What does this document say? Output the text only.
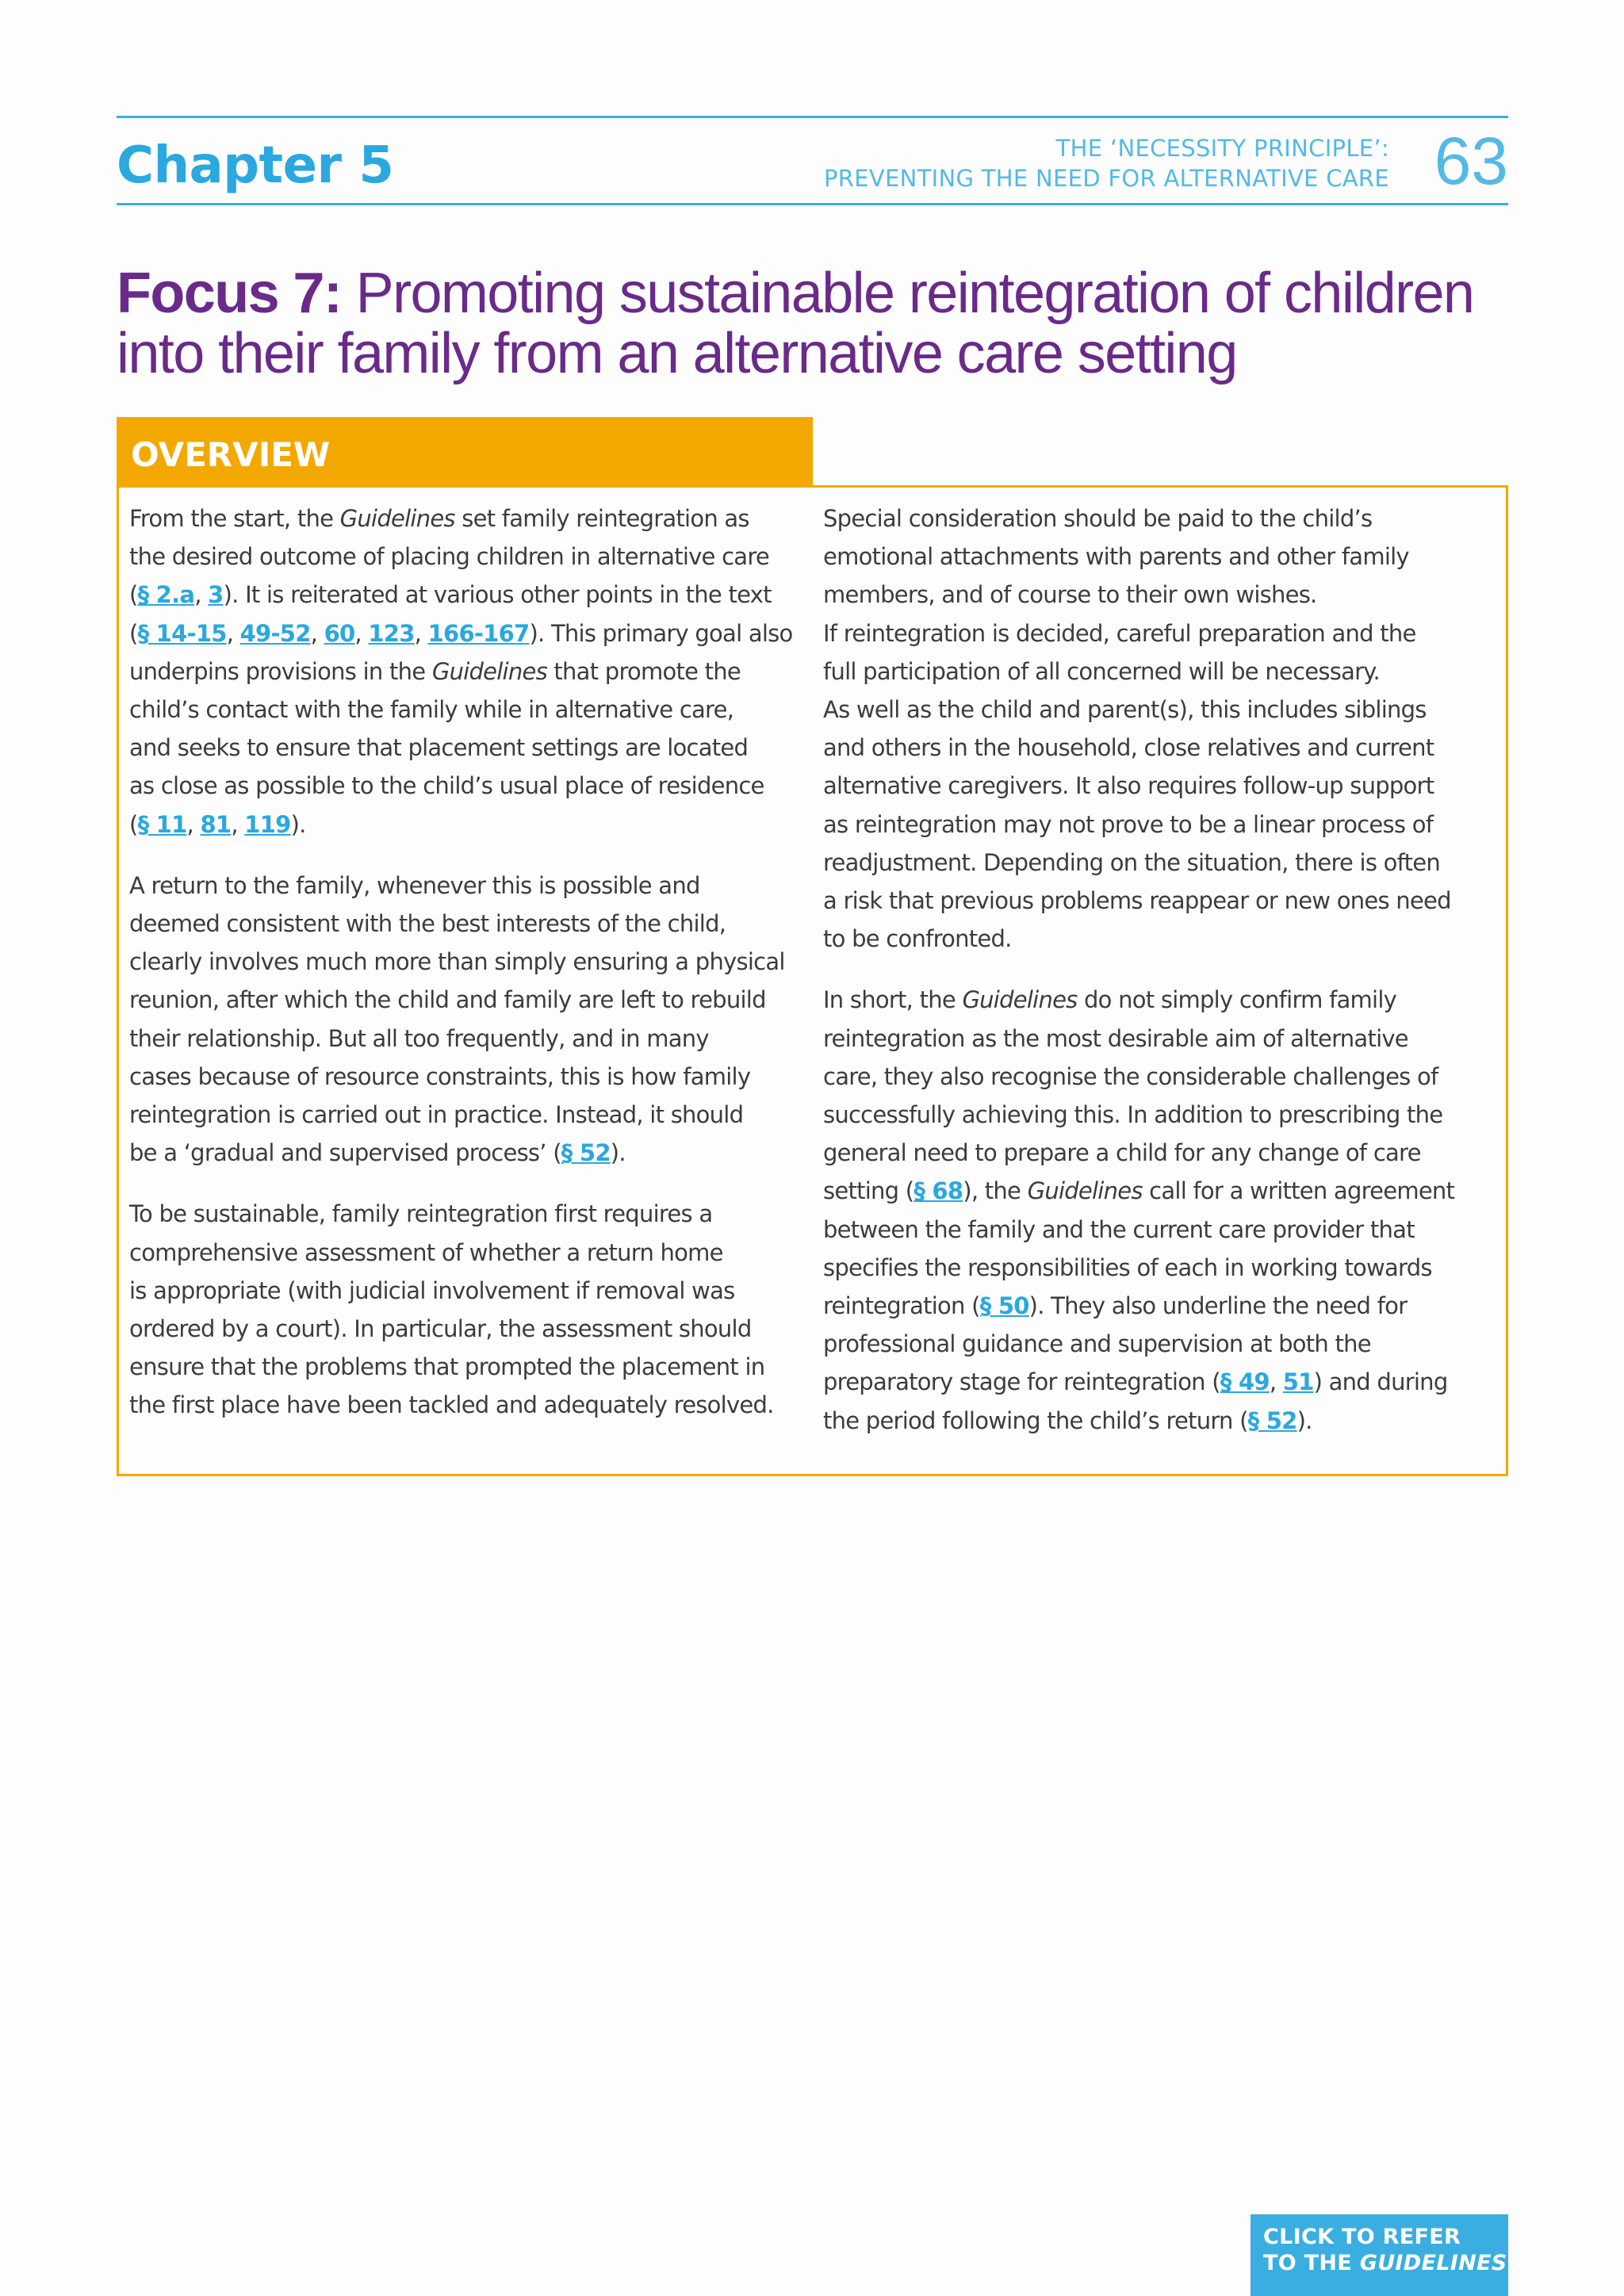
Chapter 5	THE ‘NECESSITY PRINCIPLE’:
PREVENTING THE NEED FOR ALTERNATIVE CARE 63
Focus 7: Promoting sustainable reintegration of children into their family from an alternative care setting
OVERVIEW

From the start, the Guidelines set family reintegration as
the desired outcome of placing children in alternative care
(§ 2.a, 3). It is reiterated at various other points in the text
(§ 14-15, 49-52, 60, 123, 166-167). This primary goal also
underpins provisions in the Guidelines that promote the
child’s contact with the family while in alternative care,
and seeks to ensure that placement settings are located
as close as possible to the child’s usual place of residence
(§ 11, 81, 119).

A return to the family, whenever this is possible and
deemed consistent with the best interests of the child,
clearly involves much more than simply ensuring a physical
reunion, after which the child and family are left to rebuild
their relationship. But all too frequently, and in many
cases because of resource constraints, this is how family
reintegration is carried out in practice. Instead, it should
be a ‘gradual and supervised process’ (§ 52).

To be sustainable, family reintegration first requires a
comprehensive assessment of whether a return home
is appropriate (with judicial involvement if removal was
ordered by a court). In particular, the assessment should
ensure that the problems that prompted the placement in
the first place have been tackled and adequately resolved.

Special consideration should be paid to the child’s
emotional attachments with parents and other family
members, and of course to their own wishes.

If reintegration is decided, careful preparation and the
full participation of all concerned will be necessary.

As well as the child and parent(s), this includes siblings
and others in the household, close relatives and current
alternative caregivers. It also requires follow-up support
as reintegration may not prove to be a linear process of
readjustment. Depending on the situation, there is often
a risk that previous problems reappear or new ones need
to be confronted.

In short, the Guidelines do not simply confirm family
reintegration as the most desirable aim of alternative
care, they also recognise the considerable challenges of
successfully achieving this. In addition to prescribing the
general need to prepare a child for any change of care
setting (§ 68), the Guidelines call for a written agreement
between the family and the current care provider that
specifies the responsibilities of each in working towards
reintegration (§ 50). They also underline the need for
professional guidance and supervision at both the
preparatory stage for reintegration (§ 49, 51) and during
the period following the child’s return (§ 52).

CLICK TO REFER
TO THE GUIDELINES
